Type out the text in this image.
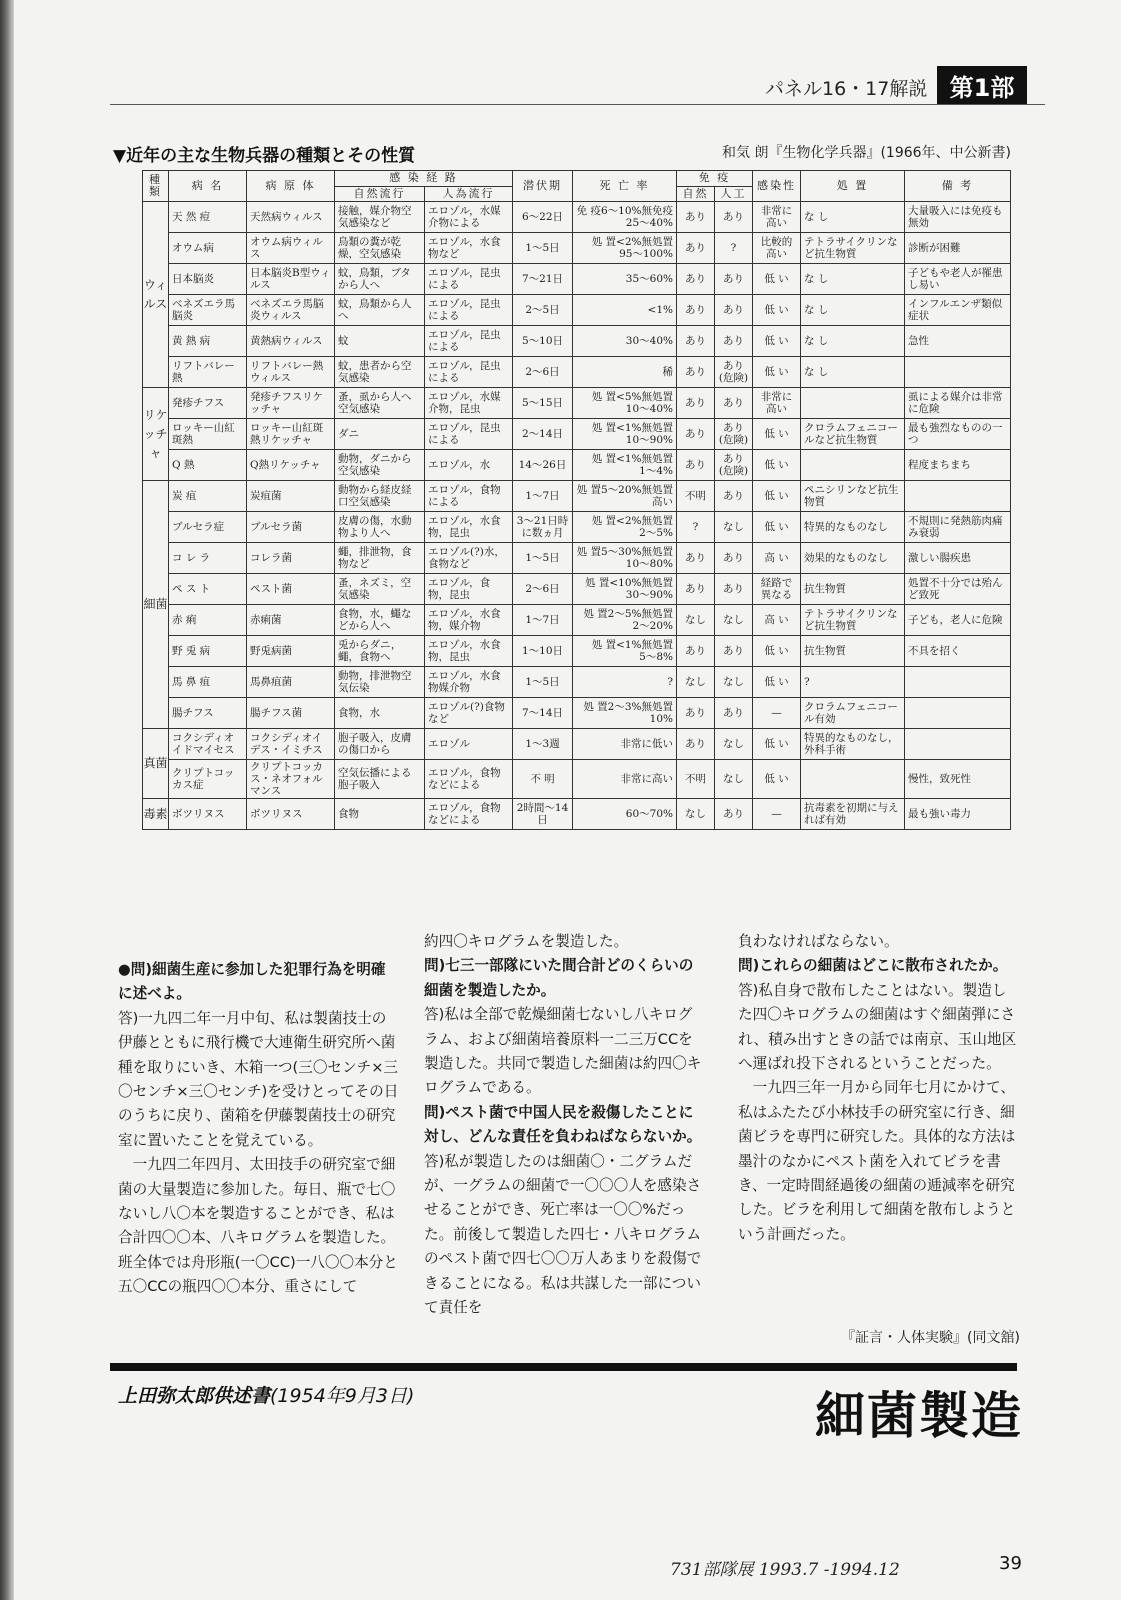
パネル16・17解説 第1部
▼近年の主な生物兵器の種類とその性質	和気 朗『生物化学兵器』(1966年、中公新書)
種類	病 名	病 原 体	感 染 経 路		潜伏期	死 亡 率	免 疫		感染性	処 置	備 考
			自然流行	人為流行			自然	人工			
ウィルス	天 然 痘	天然病ウィルス	接触，媒介物空気感染など	エロゾル，水媒介物による	6〜22日	免 疫6〜10%無免疫25〜40%	あり	あり	非常に高い	な し	大量吸入には免疫も無効
	オウム病	オウム病ウィルス	鳥類の糞が乾燥，空気感染	エロゾル，水食物など	1〜5日	処 置<2%無処置95〜100%	あり	?	比較的高い	テトラサイクリンなど抗生物質	診断が困難
	日本脳炎	日本脳炎B型ウィルス	蚊，鳥類，ブタから人へ	エロゾル，昆虫による	7〜21日	35〜60%	あり	あり	低 い	な し	子どもや老人が罹患し易い
	ベネズエラ馬脳炎	ベネズエラ馬脳炎ウィルス	蚊，鳥類から人へ	エロゾル，昆虫による	2〜5日	<1%	あり	あり	低 い	な し	インフルエンザ類似症状
	黄 熱 病	黄熱病ウィルス	蚊	エロゾル，昆虫による	5〜10日	30〜40%	あり	あり	低 い	な し	急性
	リフトバレー熱	リフトバレー熱ウィルス	蚊，患者から空気感染	エロゾル，昆虫による	2〜6日	稀	あり	あり(危険)	低 い	な し	
リケッチャ	発疹チフス	発疹チフスリケッチャ	蚤，虱から人へ空気感染	エロゾル，水媒介物，昆虫	5〜15日	処 置<5%無処置10〜40%	あり	あり	非常に高い		虱による媒介は非常に危険
	ロッキー山紅斑熱	ロッキー山紅斑熱リケッチャ	ダニ	エロゾル，昆虫による	2〜14日	処 置<1%無処置10〜90%	あり	あり(危険)	低 い	クロラムフェニコールなど抗生物質	最も強烈なものの一つ
	Q 熱	Q熱リケッチャ	動物，ダニから空気感染	エロゾル，水	14〜26日	処 置<1%無処置1〜4%	あり	あり(危険)	低 い		程度まちまち
細菌	炭 疽	炭疽菌	動物から経皮経口空気感染	エロゾル，食物による	1〜7日	処 置5〜20%無処置 高い	不明	あり	低 い	ペニシリンなど抗生物質	
	ブルセラ症	ブルセラ菌	皮膚の傷，水動物より人へ	エロゾル，水食物，昆虫	3〜21日時に数ヵ月	処 置<2%無処置2〜5%	?	なし	低 い	特異的なものなし	不規則に発熱筋肉痛み衰弱
	コ レ ラ	コレラ菌	蠅，排泄物，食物など	エロゾル(?)水，食物など	1〜5日	処 置5〜30%無処置10〜80%	あり	あり	高 い	効果的なものなし	激しい腸疾患
	ペ ス ト	ペスト菌	蚤，ネズミ，空気感染	エロゾル，食物，昆虫	2〜6日	処 置<10%無処置30〜90%	あり	あり	経路で異なる	抗生物質	処置不十分では殆んど致死
	赤 痢	赤痢菌	食物，水，蠅などから人へ	エロゾル，水食物，媒介物	1〜7日	処 置2〜5%無処置2〜20%	なし	なし	高 い	テトラサイクリンなど抗生物質	子ども，老人に危険
	野 兎 病	野兎病菌	兎からダニ，蠅，食物へ	エロゾル，水食物，昆虫	1〜10日	処 置<1%無処置5〜8%	あり	あり	低 い	抗生物質	不具を招く
	馬 鼻 疽	馬鼻疽菌	動物，排泄物空気伝染	エロゾル，水食物媒介物	1〜5日	?	なし	なし	低 い	?	
	腸チフス	腸チフス菌	食物，水	エロゾル(?)食物など	7〜14日	処 置2〜3%無処置10%	あり	あり	—	クロラムフェニコール有効	
真菌	コクシディオイドマイセス	コクシディオイデス・イミチス	胞子吸入，皮膚の傷口から	エロゾル	1〜3週	非常に低い	あり	なし	低 い	特異的なものなし，外科手術	
	クリプトコッカス症	クリプトコッカス・ネオフォルマンス	空気伝播による胞子吸入	エロゾル，食物などによる	不 明	非常に高い	不明	なし	低 い		慢性，致死性
毒素	ボツリヌス	ボツリヌス	食物	エロゾル，食物などによる	2時間〜14日	60〜70%	なし	あり	—	抗毒素を初期に与えれば有効	最も強い毒力

●問)細菌生産に参加した犯罪行為を明確に述べよ。

答)一九四二年一月中旬、私は製菌技士の伊藤とともに飛行機で大連衛生研究所へ菌種を取りにいき、木箱一つ(三〇センチ×三〇センチ×三〇センチ)を受けとってその日のうちに戻り、菌箱を伊藤製菌技士の研究室に置いたことを覚えている。

一九四二年四月、太田技手の研究室で細菌の大量製造に参加した。毎日、瓶で七〇ないし八〇本を製造することができ、私は合計四〇〇本、八キログラムを製造した。班全体では舟形瓶(一〇CC)一八〇〇本分と五〇CCの瓶四〇〇本分、重さにして

約四〇キログラムを製造した。

問)七三一部隊にいた間合計どのくらいの細菌を製造したか。

答)私は全部で乾燥細菌七ないし八キログラム、および細菌培養原料一二三万CCを製造した。共同で製造した細菌は約四〇キログラムである。

問)ペスト菌で中国人民を殺傷したことに対し、どんな責任を負わねばならないか。

答)私が製造したのは細菌〇・二グラムだが、一グラムの細菌で一〇〇〇人を感染させることができ、死亡率は一〇〇%だった。前後して製造した四七・八キログラムのペスト菌で四七〇〇万人あまりを殺傷できることになる。私は共謀した一部について責任を

負わなければならない。

問)これらの細菌はどこに散布されたか。

答)私自身で散布したことはない。製造した四〇キログラムの細菌はすぐ細菌弾にされ、積み出すときの話では南京、玉山地区へ運ばれ投下されるということだった。

一九四三年一月から同年七月にかけて、私はふたたび小林技手の研究室に行き、細菌ビラを専門に研究した。具体的な方法は墨汁のなかにペスト菌を入れてビラを書き、一定時間経過後の細菌の逓減率を研究した。ビラを利用して細菌を散布しようという計画だった。

『証言・人体実験』(同文舘)
上田弥太郎供述書(1954年9月3日)	細菌製造
731部隊展 1993.7 -1994.12	39
